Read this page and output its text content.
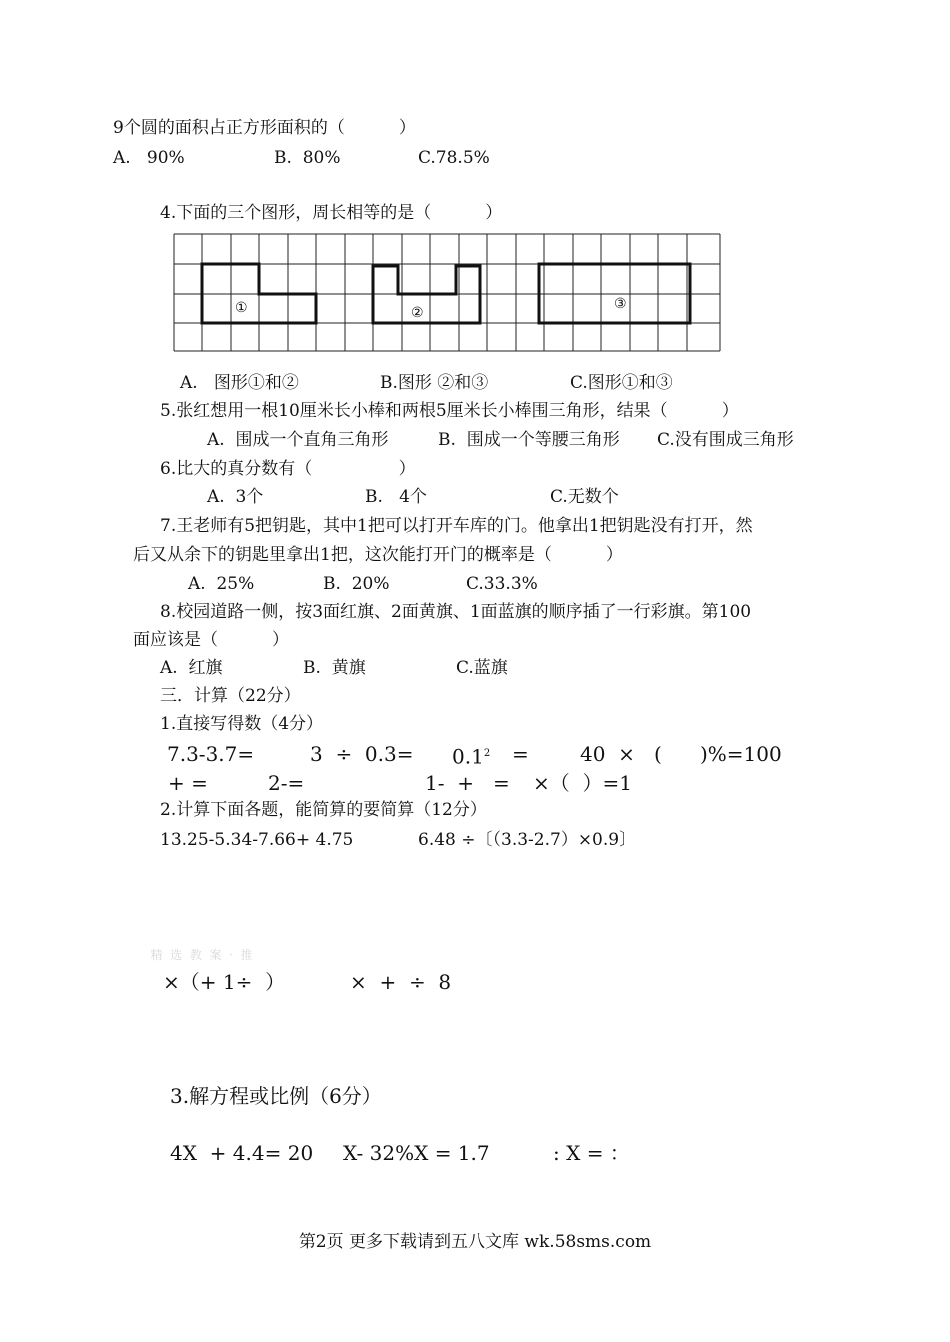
9个圆的面积占正方形面积的（          ）
A.   90%	B.  80%	C.78.5%
4.下面的三个图形，周长相等的是（          ）
①	②
③
A.   图形①和②	B.图形 ②和③	C.图形①和③
5.张红想用一根10厘米长小棒和两根5厘米长小棒围三角形，结果（          ）
A.  围成一个直角三角形	B.  围成一个等腰三角形 C.没有围成三角形
6.比大的真分数有（                ）
A.  3个	B.   4个	C.无数个
7.王老师有5把钥匙，其中1把可以打开车库的门。他拿出1把钥匙没有打开，然
后又从余下的钥匙里拿出1把，这次能打开门的概率是（          ）
A.  25%	B.  20%	C.33.3%
8.校园道路一侧，按3面红旗、2面黄旗、1面蓝旗的顺序插了一行彩旗。第100
面应该是（          ）
A.  红旗	B.  黄旗	C.蓝旗
三．计算（22分）
1.直接写得数（4分）
7.3-3.7=	$3 \div 0.3= 0.1^2$ =	40  ×   (      )%=100
+ =	2-=	1-  +   = ×（  ）=1
2.计算下面各题，能简算的要简算（12分）
13.25-5.34-7.66+ 4.75	6.48 ÷〔（3.3-2.7）×0.9〕
精  选  教  案  ·  推
×（+ 1÷  ）	×  +  ÷  8
3.解方程或比例（6分）
4X  + 4.4= 20 X- 32%X = 1.7	: X = ：
第2页 更多下载请到五八文库 wk.58sms.com
